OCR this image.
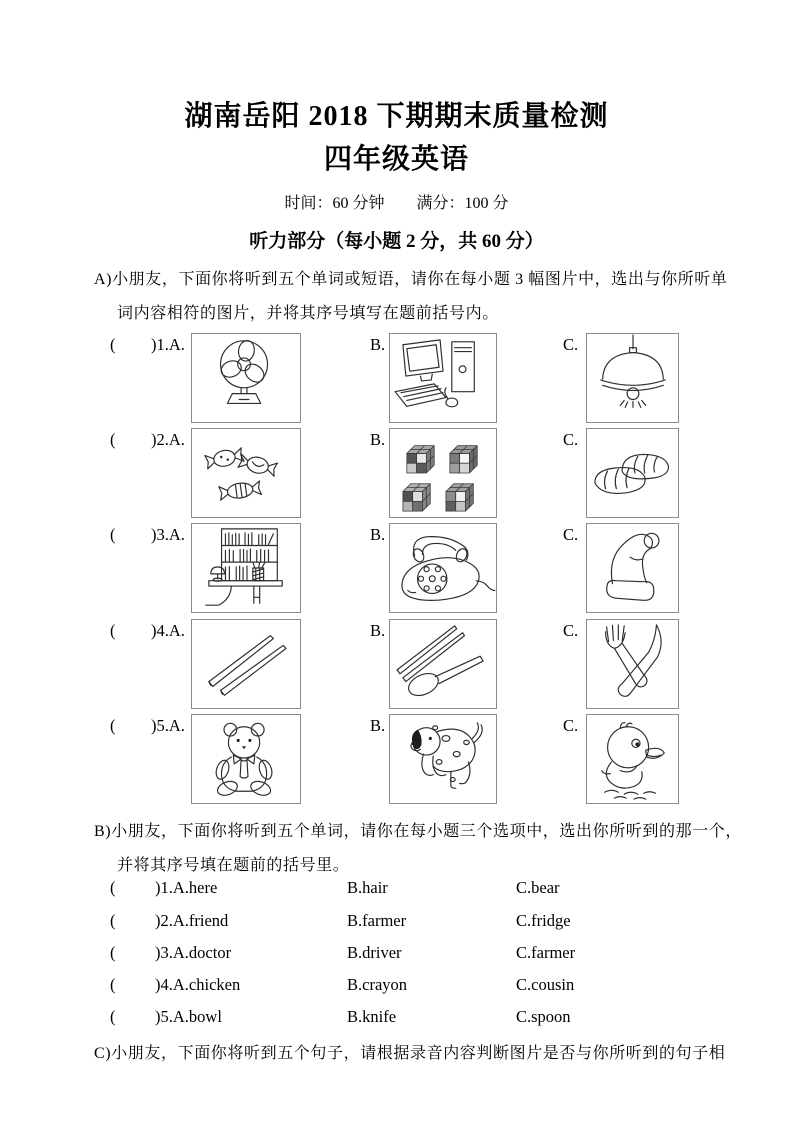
湖南岳阳 2018 下期期末质量检测
四年级英语
时间：60 分钟　　满分：100 分
听力部分（每小题 2 分，共 60 分）
A)小朋友，下面你将听到五个单词或短语，请你在每小题 3 幅图片中，选出与你所听单
词内容相符的图片，并将其序号填写在题前括号内。
( )1.A.	B.	C.
( )2.A.	B.	C.
( )3.A.	B.	C.
( )4.A.	B.	C.
( )5.A.	B.	C.
B)小朋友，下面你将听到五个单词，请你在每小题三个选项中，选出你所听到的那一个，
并将其序号填在题前的括号里。
( )1.A.here	B.hair	C.bear
( )2.A.friend	B.farmer	C.fridge
( )3.A.doctor	B.driver	C.farmer
( )4.A.chicken	B.crayon	C.cousin
( )5.A.bowl	B.knife	C.spoon
C)小朋友，下面你将听到五个句子，请根据录音内容判断图片是否与你所听到的句子相
